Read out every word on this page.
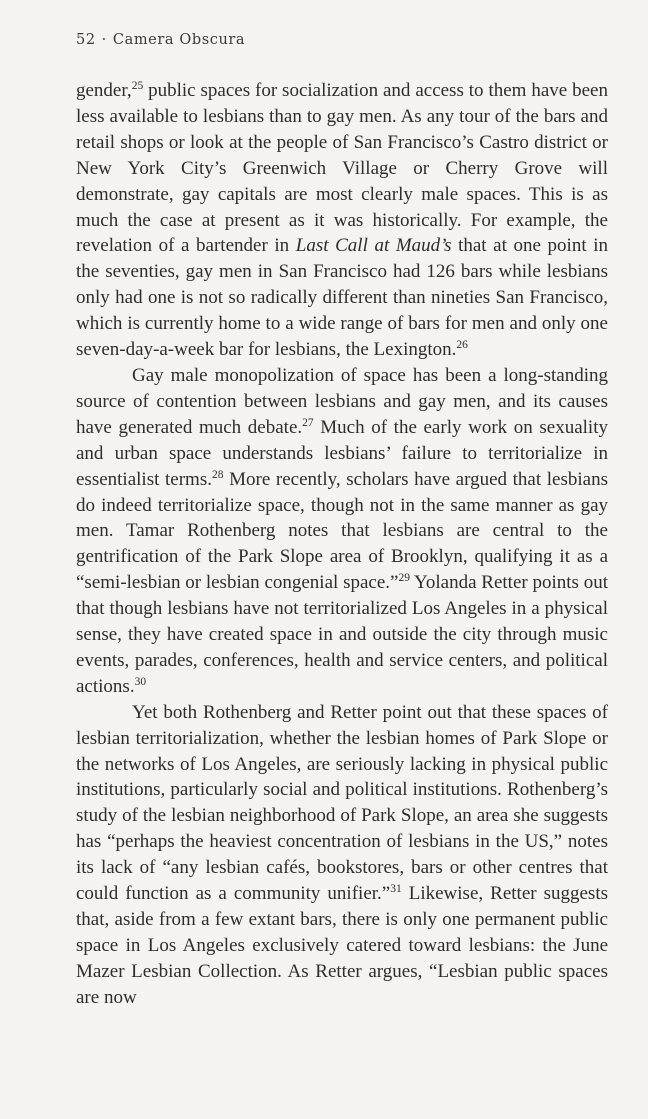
52 · Camera Obscura

gender,$^{25}$ public spaces for socialization and access to them have been less available to lesbians than to gay men. As any tour of the bars and retail shops or look at the people of San Francisco’s Castro district or New York City’s Greenwich Village or Cherry Grove will demonstrate, gay capitals are most clearly male spaces. This is as much the case at present as it was historically. For example, the revelation of a bartender in Last Call at Maud’s that at one point in the seventies, gay men in San Francisco had 126 bars while lesbians only had one is not so radically different than nineties San Francisco, which is currently home to a wide range of bars for men and only one seven-day-a-week bar for lesbians, the Lexington.$^{26}$

Gay male monopolization of space has been a long-standing source of contention between lesbians and gay men, and its causes have generated much debate.$^{27}$ Much of the early work on sexuality and urban space understands lesbians’ failure to territorialize in essentialist terms.$^{28}$ More recently, scholars have argued that lesbians do indeed territorialize space, though not in the same manner as gay men. Tamar Rothenberg notes that lesbians are central to the gentrification of the Park Slope area of Brooklyn, qualifying it as a “semi-lesbian or lesbian congenial space.”$^{29}$ Yolanda Retter points out that though lesbians have not territorialized Los Angeles in a physical sense, they have created space in and outside the city through music events, parades, conferences, health and service centers, and political actions.$^{30}$

Yet both Rothenberg and Retter point out that these spaces of lesbian territorialization, whether the lesbian homes of Park Slope or the networks of Los Angeles, are seriously lacking in physical public institutions, particularly social and political institutions. Rothenberg’s study of the lesbian neighborhood of Park Slope, an area she suggests has “perhaps the heaviest concentration of lesbians in the US,” notes its lack of “any lesbian cafés, bookstores, bars or other centres that could function as a community unifier.”$^{31}$ Likewise, Retter suggests that, aside from a few extant bars, there is only one permanent public space in Los Angeles exclusively catered toward lesbians: the June Mazer Lesbian Collection. As Retter argues, “Lesbian public spaces are now
